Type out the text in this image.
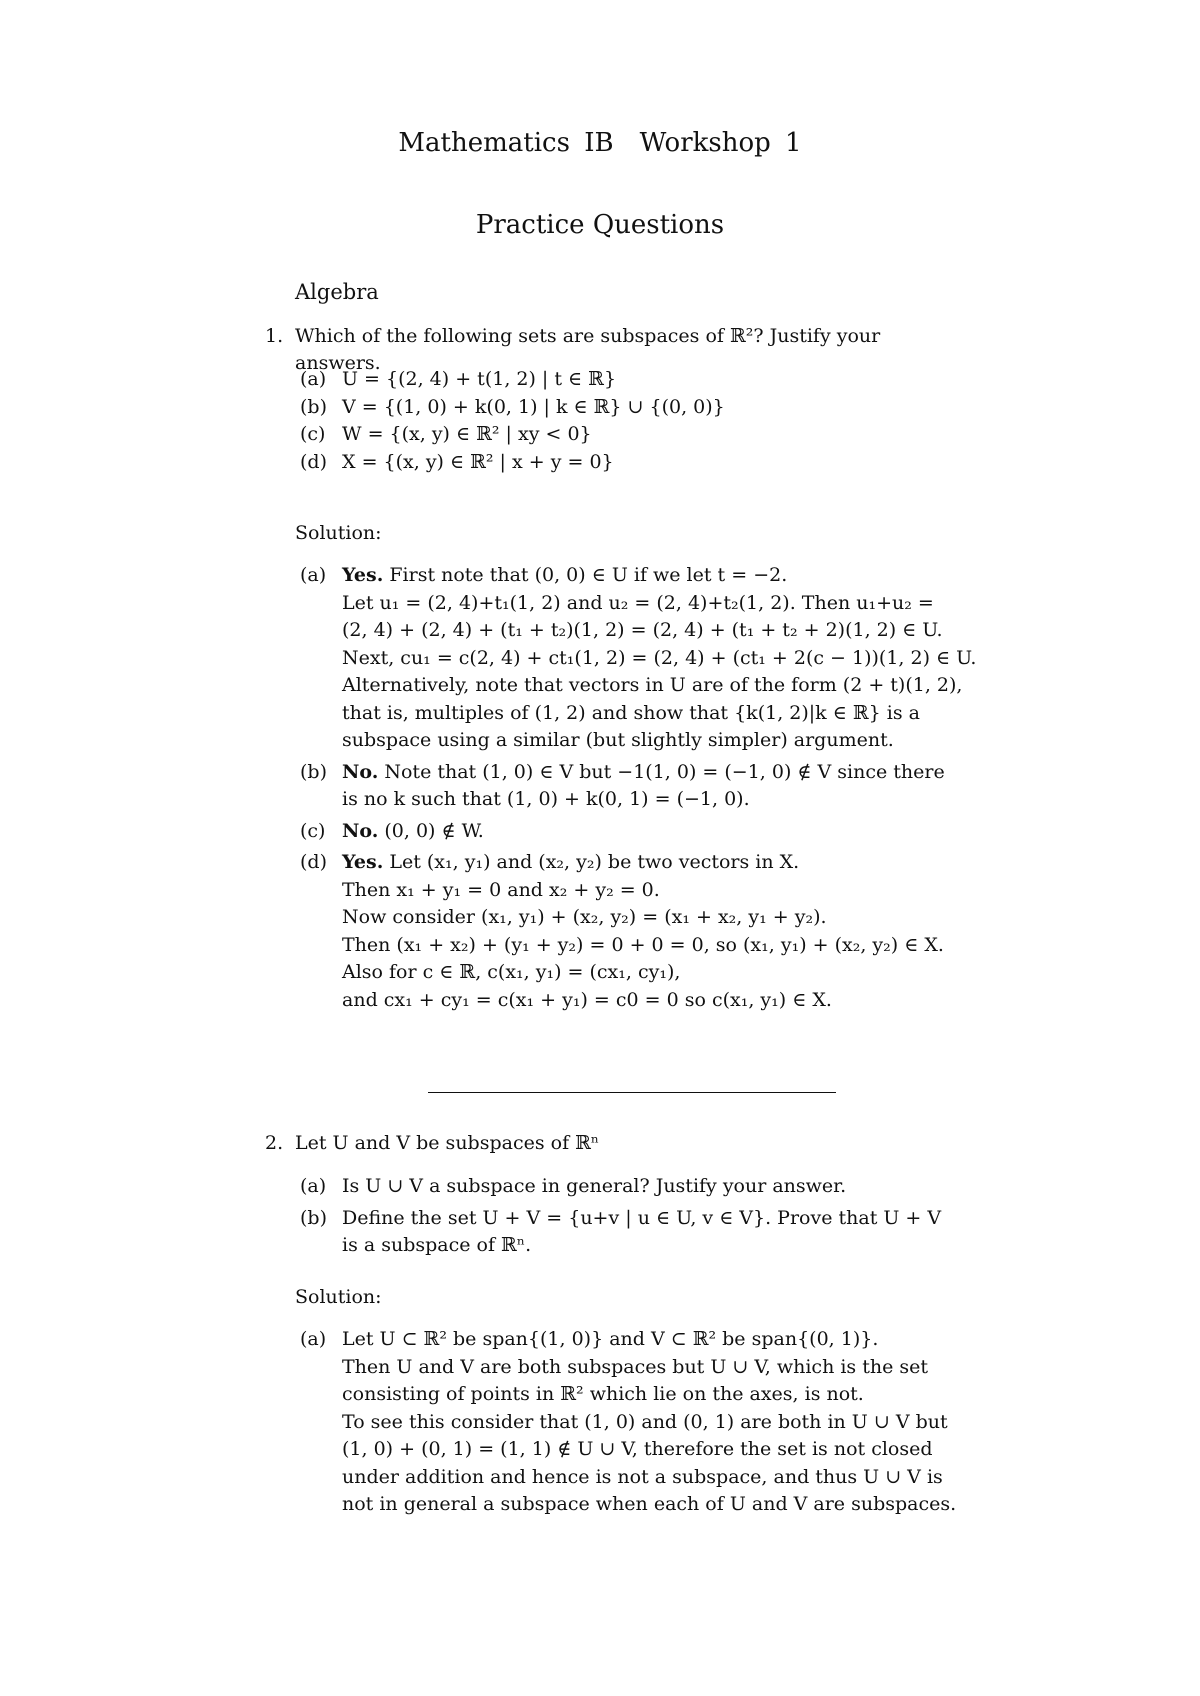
Mathematics IB Workshop 1
Practice Questions
Algebra
1. Which of the following sets are subspaces of ℝ²? Justify your answers.
(a) U = {(2, 4) + t(1, 2) | t ∈ ℝ}
(b) V = {(1, 0) + k(0, 1) | k ∈ ℝ} ∪ {(0, 0)}
(c) W = {(x, y) ∈ ℝ² | xy < 0}
(d) X = {(x, y) ∈ ℝ² | x + y = 0}
Solution:
(a) Yes. First note that (0, 0) ∈ U if we let t = −2.
Let u₁ = (2, 4)+t₁(1, 2) and u₂ = (2, 4)+t₂(1, 2). Then u₁+u₂ =
(2, 4) + (2, 4) + (t₁ + t₂)(1, 2) = (2, 4) + (t₁ + t₂ + 2)(1, 2) ∈ U.
Next, cu₁ = c(2, 4) + ct₁(1, 2) = (2, 4) + (ct₁ + 2(c − 1))(1, 2) ∈ U.
Alternatively, note that vectors in U are of the form (2 + t)(1, 2),
that is, multiples of (1, 2) and show that {k(1, 2)|k ∈ ℝ} is a
subspace using a similar (but slightly simpler) argument.
(b) No. Note that (1, 0) ∈ V but −1(1, 0) = (−1, 0) ∉ V since there
is no k such that (1, 0) + k(0, 1) = (−1, 0).
(c) No. (0, 0) ∉ W.
(d) Yes. Let (x₁, y₁) and (x₂, y₂) be two vectors in X.
Then x₁ + y₁ = 0 and x₂ + y₂ = 0.
Now consider (x₁, y₁) + (x₂, y₂) = (x₁ + x₂, y₁ + y₂).
Then (x₁ + x₂) + (y₁ + y₂) = 0 + 0 = 0, so (x₁, y₁) + (x₂, y₂) ∈ X.
Also for c ∈ ℝ, c(x₁, y₁) = (cx₁, cy₁),
and cx₁ + cy₁ = c(x₁ + y₁) = c0 = 0 so c(x₁, y₁) ∈ X.
2. Let U and V be subspaces of ℝⁿ
(a) Is U ∪ V a subspace in general? Justify your answer.
(b) Define the set U + V = {u+v | u ∈ U, v ∈ V}. Prove that U + V
is a subspace of ℝⁿ.
Solution:
(a) Let U ⊂ ℝ² be span{(1, 0)} and V ⊂ ℝ² be span{(0, 1)}.
Then U and V are both subspaces but U ∪ V, which is the set
consisting of points in ℝ² which lie on the axes, is not.
To see this consider that (1, 0) and (0, 1) are both in U ∪ V but
(1, 0) + (0, 1) = (1, 1) ∉ U ∪ V, therefore the set is not closed
under addition and hence is not a subspace, and thus U ∪ V is
not in general a subspace when each of U and V are subspaces.
